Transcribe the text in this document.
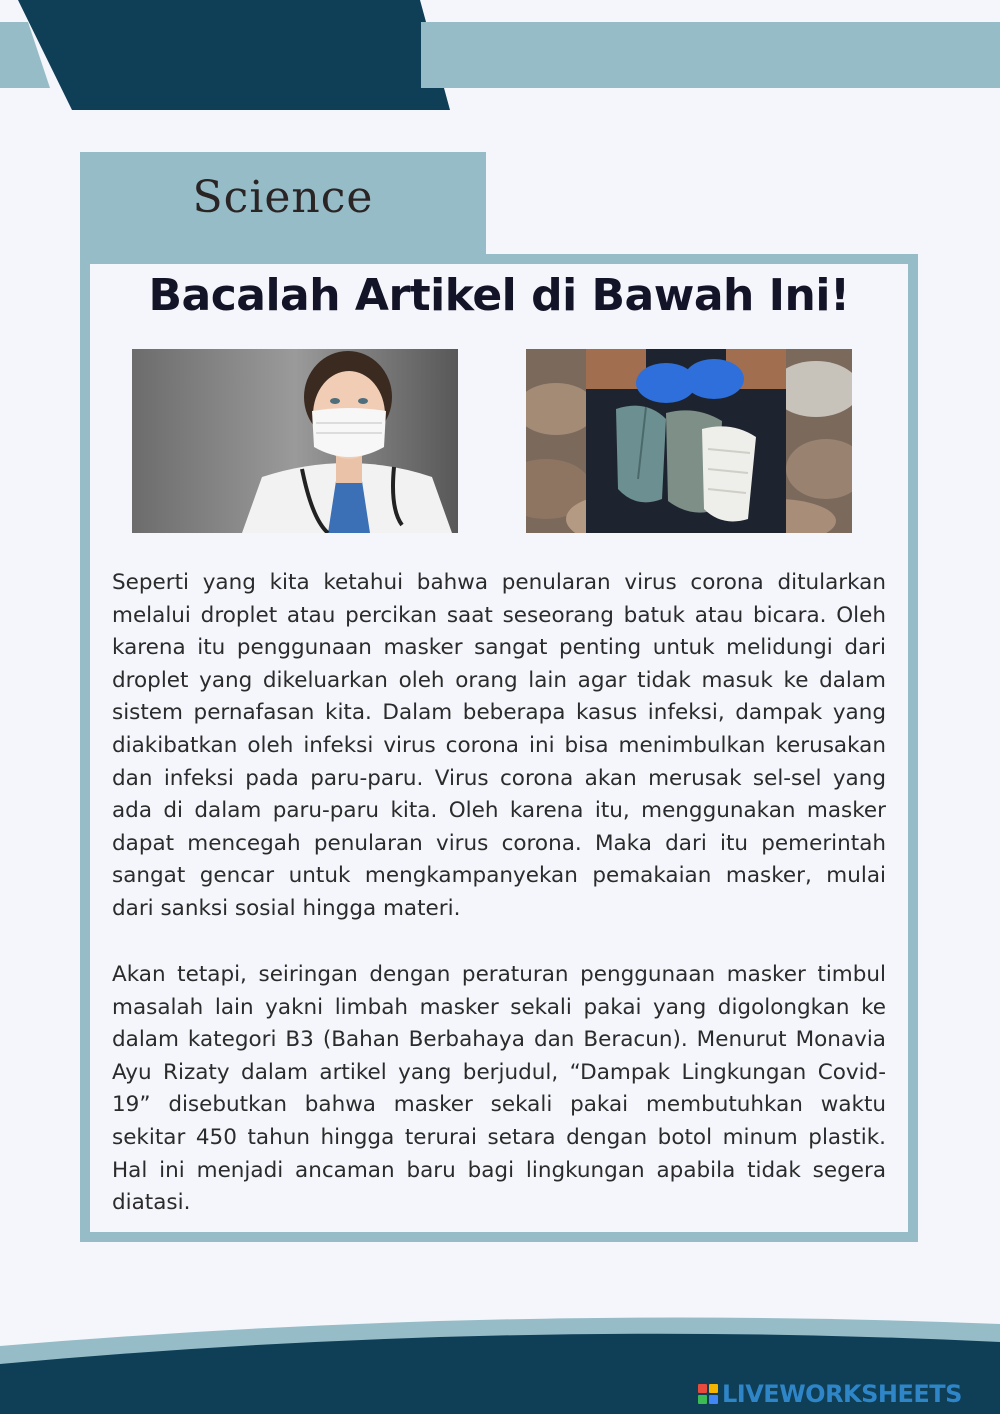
Science
Bacalah Artikel di Bawah Ini!

Seperti yang kita ketahui bahwa penularan virus corona ditularkan melalui droplet atau percikan saat seseorang batuk atau bicara. Oleh karena itu penggunaan masker sangat penting untuk melidungi dari droplet yang dikeluarkan oleh orang lain agar tidak masuk ke dalam sistem pernafasan kita. Dalam beberapa kasus infeksi, dampak yang diakibatkan oleh infeksi virus corona ini bisa menimbulkan kerusakan dan infeksi pada paru-paru. Virus corona akan merusak sel-sel yang ada di dalam paru-paru kita. Oleh karena itu, menggunakan masker dapat mencegah penularan virus corona. Maka dari itu pemerintah sangat gencar untuk mengkampanyekan pemakaian masker, mulai dari sanksi sosial hingga materi.

Akan tetapi, seiringan dengan peraturan penggunaan masker timbul masalah lain yakni limbah masker sekali pakai yang digolongkan ke dalam kategori B3 (Bahan Berbahaya dan Beracun). Menurut Monavia Ayu Rizaty dalam artikel yang berjudul, “Dampak Lingkungan Covid-19” disebutkan bahwa masker sekali pakai membutuhkan waktu sekitar 450 tahun hingga terurai setara dengan botol minum plastik. Hal ini menjadi ancaman baru bagi lingkungan apabila tidak segera diatasi.

LIVEWORKSHEETS
